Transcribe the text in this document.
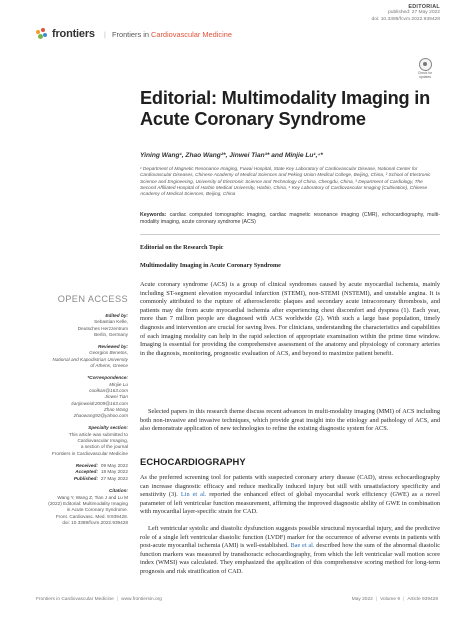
frontiers | Frontiers in Cardiovascular Medicine
EDITORIAL
published: 27 May 2022
doi: 10.3389/fcvm.2022.939428
Check for updates
Editorial: Multimodality Imaging in Acute Coronary Syndrome
Yining Wang¹, Zhao Wang²*, Jinwei Tian³* and Minjie Lu¹,⁴*
¹ Department of Magnetic Resonance Imaging, Fuwai Hospital, State Key Laboratory of Cardiovascular Disease, National Center for Cardiovascular Diseases, Chinese Academy of Medical Sciences and Peking Union Medical College, Beijing, China, ² School of Electronic Science and Engineering, University of Electronic Science and Technology of China, Chengdu, China, ³ Department of Cardiology, The Second Affiliated Hospital of Harbin Medical University, Harbin, China, ⁴ Key Laboratory of Cardiovascular Imaging (Cultivation), Chinese Academy of Medical Sciences, Beijing, China
Keywords: cardiac computed tomographic imaging, cardiac magnetic resonance imaging (CMR), echocardiography, multi-modality imaging, acute coronary syndrome (ACS)
Editorial on the Research Topic
Multimodality Imaging in Acute Coronary Syndrome
Acute coronary syndrome (ACS) is a group of clinical syndromes caused by acute myocardial ischemia, mainly including ST-segment elevation myocardial infarction (STEMI), non-STEMI (NSTEMI), and unstable angina. It is commonly attributed to the rupture of atherosclerotic plaques and secondary acute intracoronary thrombosis, and patients may die from acute myocardial ischemia after experiencing chest discomfort and dyspnea (1). Each year, more than 7 million people are diagnosed with ACS worldwide (2). With such a large base population, timely diagnosis and intervention are crucial for saving lives. For clinicians, understanding the characteristics and capabilities of each imaging modality can help in the rapid selection of appropriate examination within the prime time window. Imaging is essential for providing the comprehensive assessment of the anatomy and physiology of coronary arteries in the diagnosis, monitoring, prognostic evaluation of ACS, and beyond to maximize patient benefit.
Selected papers in this research theme discuss recent advances in multi-modality imaging (MMI) of ACS including both non-invasive and invasive techniques, which provide great insight into the etiology and pathology of ACS, and also demonstrate application of new technologies to refine the existing diagnostic system for ACS.
ECHOCARDIOGRAPHY
As the preferred screening tool for patients with suspected coronary artery disease (CAD), stress echocardiography can increase diagnostic efficacy and reduce medically induced injury but still with unsatisfactory specificity and sensitivity (3). Lin et al. reported the enhanced effect of global myocardial work efficiency (GWE) as a novel parameter of left ventricular function measurement, affirming the improved diagnostic ability of GWE in combination with myocardial layer-specific strain for CAD.
Left ventricular systolic and diastolic dysfunction suggests possible structural myocardial injury, and the predictive role of a single left ventricular diastolic function (LVDF) marker for the occurrence of adverse events in patients with post-acute myocardial ischemia (AMI) is well-established. Bae et al. described how the sum of the abnormal diastolic function markers was measured by transthoracic echocardiography, from which the left ventricular wall motion score index (WMSI) was calculated. They emphasized the application of this comprehensive scoring method for long-term prognosis and risk stratification of CAD.
OPEN ACCESS
Edited by:
Sebastian Kelle,
Deutsches Herzzentrum
Berlin, Germany
Reviewed by:
Georgios Benetos,
National and Kapodistrian University
of Athens, Greece
*Correspondence:
Minjie Lu
coolkan@163.com
Jinwei Tian
tianjinweidr2009@163.com
Zhao Wang
zhaowang92@yahoo.com
Specialty section:
This article was submitted to
Cardiovascular Imaging,
a section of the journal
Frontiers in Cardiovascular Medicine
Received: 09 May 2022
Accepted: 18 May 2022
Published: 27 May 2022
Citation:
Wang Y, Wang Z, Tian J and Lu M
(2022) Editorial: Multimodality Imaging
in Acute Coronary Syndrome.
Front. Cardiovasc. Med. 9:939428.
doi: 10.3389/fcvm.2022.939428
Frontiers in Cardiovascular Medicine | www.frontiersin.org	May 2022 | Volume 9 | Article 939428
